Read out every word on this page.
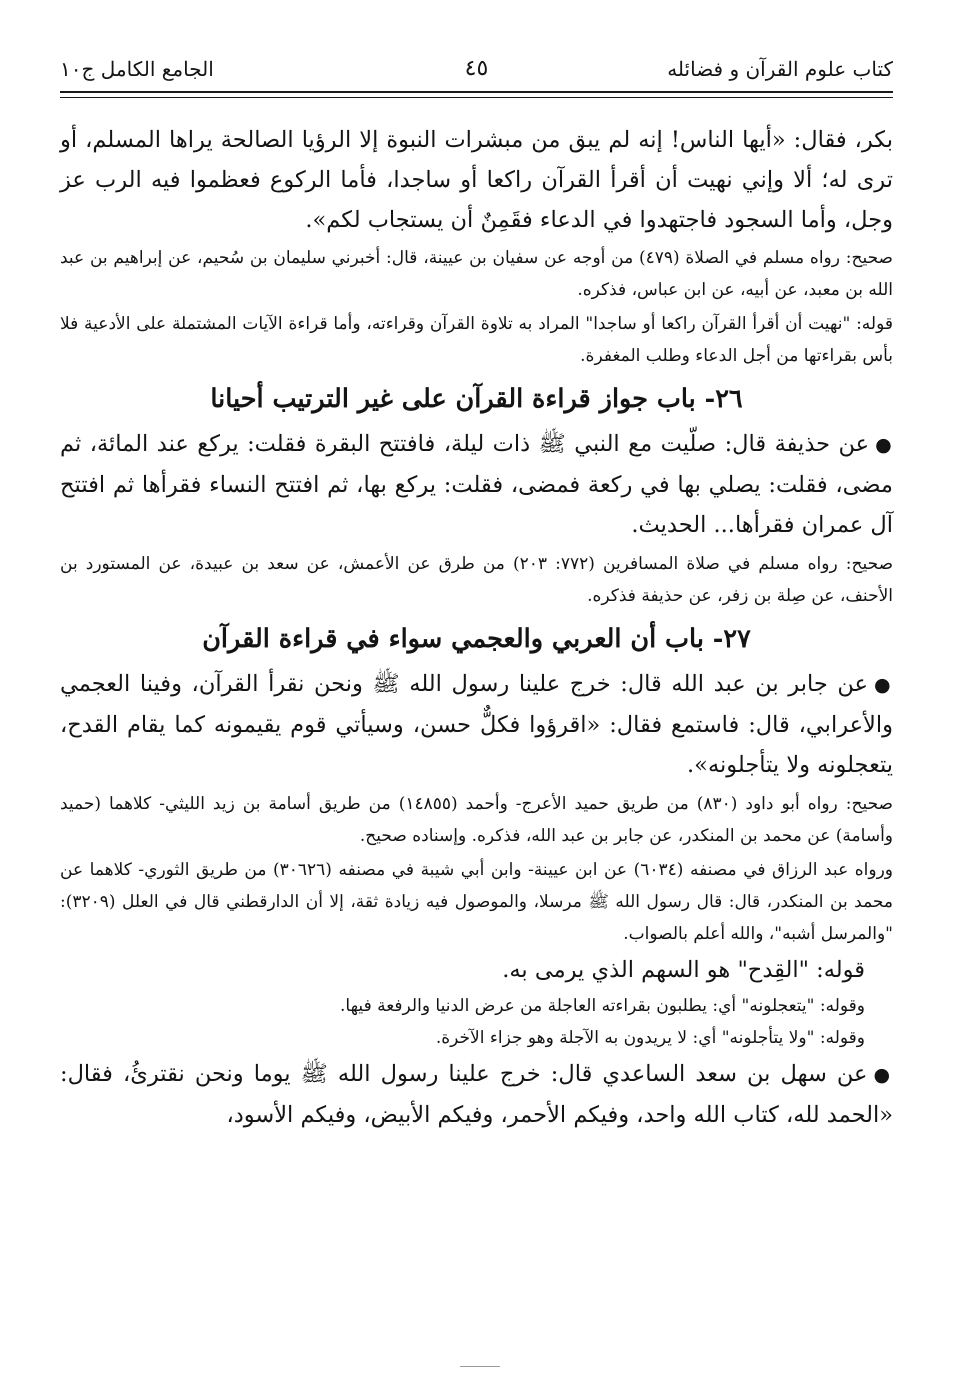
كتاب علوم القرآن و فضائله
٤٥
الجامع الكامل ج١٠

بكر، فقال: «أيها الناس! إنه لم يبق من مبشرات النبوة إلا الرؤيا الصالحة يراها المسلم، أو ترى له؛ ألا وإني نهيت أن أقرأ القرآن راكعا أو ساجدا، فأما الركوع فعظموا فيه الرب عز وجل، وأما السجود فاجتهدوا في الدعاء فقَمِنٌ أن يستجاب لكم».

صحيح: رواه مسلم في الصلاة (٤٧٩) من أوجه عن سفيان بن عيينة، قال: أخبرني سليمان بن سُحيم، عن إبراهيم بن عبد الله بن معبد، عن أبيه، عن ابن عباس، فذكره.

قوله: "نهيت أن أقرأ القرآن راكعا أو ساجدا" المراد به تلاوة القرآن وقراءته، وأما قراءة الآيات المشتملة على الأدعية فلا بأس بقراءتها من أجل الدعاء وطلب المغفرة.

٢٦- باب جواز قراءة القرآن على غير الترتيب أحيانا

●عن حذيفة قال: صلّيت مع النبي ﷺ ذات ليلة، فافتتح البقرة فقلت: يركع عند المائة، ثم مضى، فقلت: يصلي بها في ركعة فمضى، فقلت: يركع بها، ثم افتتح النساء فقرأها ثم افتتح آل عمران فقرأها... الحديث.

صحيح: رواه مسلم في صلاة المسافرين (٧٧٢: ٢٠٣) من طرق عن الأعمش، عن سعد بن عبيدة، عن المستورد بن الأحنف، عن صِلة بن زفر، عن حذيفة فذكره.

٢٧- باب أن العربي والعجمي سواء في قراءة القرآن

●عن جابر بن عبد الله قال: خرج علينا رسول الله ﷺ ونحن نقرأ القرآن، وفينا العجمي والأعرابي، قال: فاستمع فقال: «اقرؤوا فكلٌّ حسن، وسيأتي قوم يقيمونه كما يقام القدح، يتعجلونه ولا يتأجلونه».

صحيح: رواه أبو داود (٨٣٠) من طريق حميد الأعرج- وأحمد (١٤٨٥٥) من طريق أسامة بن زيد الليثي- كلاهما (حميد وأسامة) عن محمد بن المنكدر، عن جابر بن عبد الله، فذكره. وإسناده صحيح.

ورواه عبد الرزاق في مصنفه (٦٠٣٤) عن ابن عيينة- وابن أبي شيبة في مصنفه (٣٠٦٢٦) من طريق الثوري- كلاهما عن محمد بن المنكدر، قال: قال رسول الله ﷺ مرسلا، والموصول فيه زيادة ثقة، إلا أن الدارقطني قال في العلل (٣٢٠٩): "والمرسل أشبه"، والله أعلم بالصواب.

قوله: "القِدح" هو السهم الذي يرمى به.

وقوله: "يتعجلونه" أي: يطلبون بقراءته العاجلة من عرض الدنيا والرفعة فيها.

وقوله: "ولا يتأجلونه" أي: لا يريدون به الآجلة وهو جزاء الآخرة.

●عن سهل بن سعد الساعدي قال: خرج علينا رسول الله ﷺ يوما ونحن نقترئُ، فقال: «الحمد لله، كتاب الله واحد، وفيكم الأحمر، وفيكم الأبيض، وفيكم الأسود،
